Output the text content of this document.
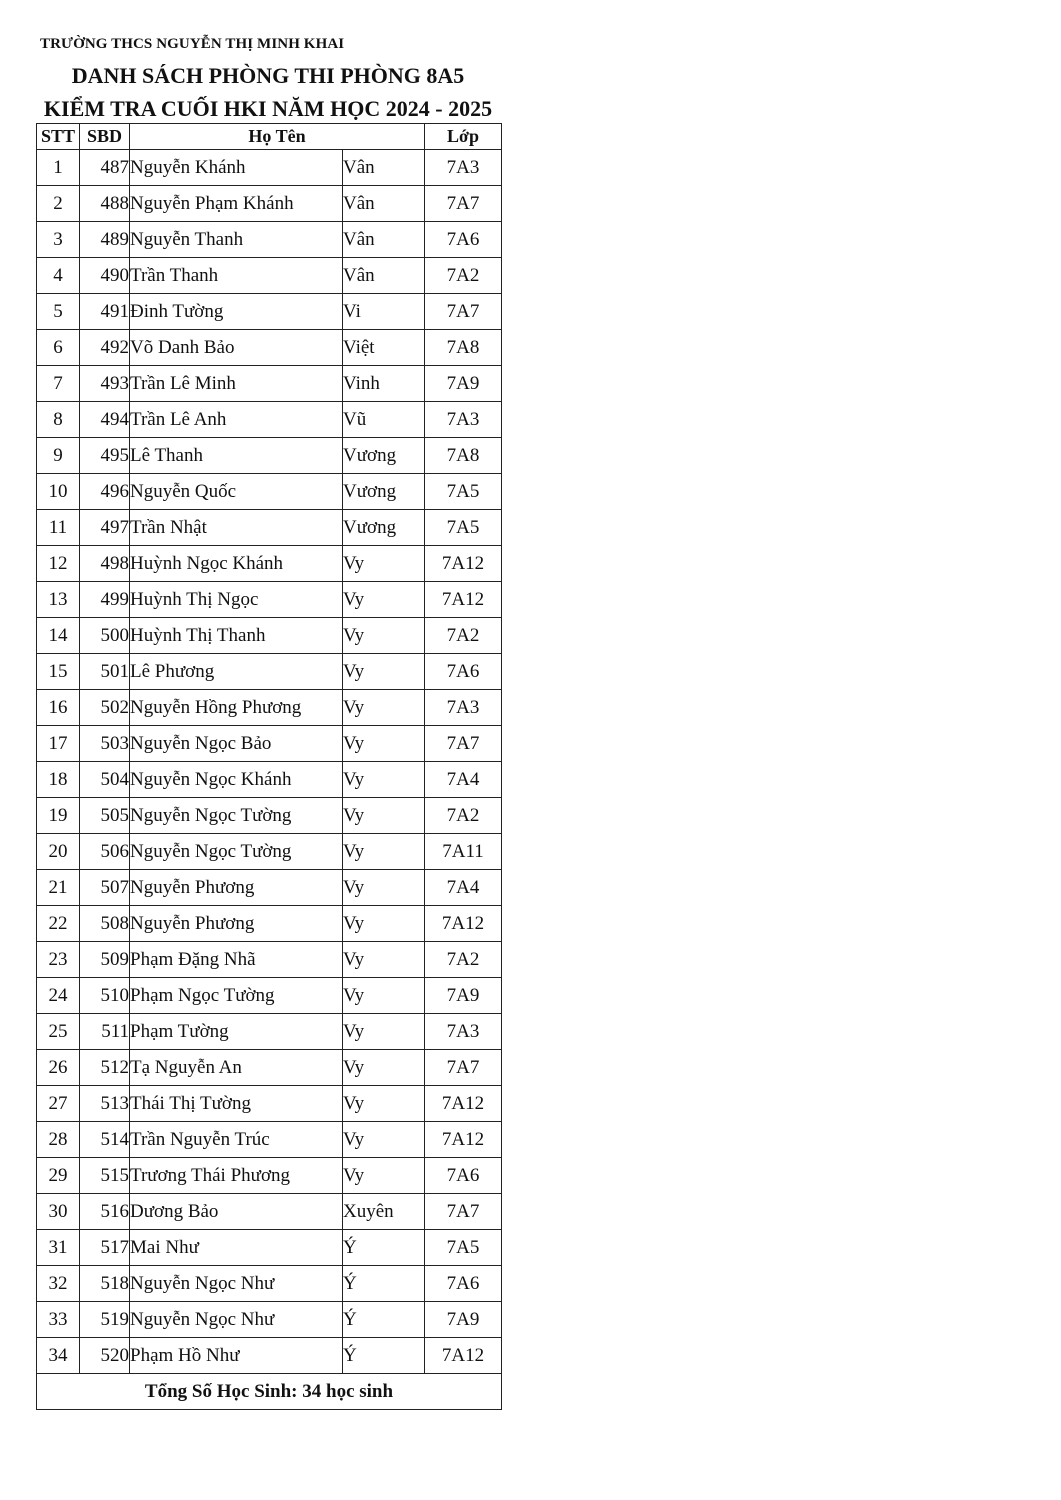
TRƯỜNG THCS NGUYỄN THỊ MINH KHAI
DANH SÁCH PHÒNG THI PHÒNG 8A5
KIỂM TRA CUỐI HKI NĂM HỌC 2024 - 2025
STT	SBD	Họ Tên		Lớp
1	487	Nguyễn Khánh	Vân	7A3
2	488	Nguyễn Phạm Khánh	Vân	7A7
3	489	Nguyễn Thanh	Vân	7A6
4	490	Trần Thanh	Vân	7A2
5	491	Đinh Tường	Vi	7A7
6	492	Võ Danh Bảo	Việt	7A8
7	493	Trần Lê Minh	Vinh	7A9
8	494	Trần Lê Anh	Vũ	7A3
9	495	Lê Thanh	Vương	7A8
10	496	Nguyễn Quốc	Vương	7A5
11	497	Trần Nhật	Vương	7A5
12	498	Huỳnh Ngọc Khánh	Vy	7A12
13	499	Huỳnh Thị Ngọc	Vy	7A12
14	500	Huỳnh Thị Thanh	Vy	7A2
15	501	Lê Phương	Vy	7A6
16	502	Nguyễn Hồng Phương	Vy	7A3
17	503	Nguyễn Ngọc Bảo	Vy	7A7
18	504	Nguyễn Ngọc Khánh	Vy	7A4
19	505	Nguyễn Ngọc Tường	Vy	7A2
20	506	Nguyễn Ngọc Tường	Vy	7A11
21	507	Nguyễn Phương	Vy	7A4
22	508	Nguyễn Phương	Vy	7A12
23	509	Phạm Đặng Nhã	Vy	7A2
24	510	Phạm Ngọc Tường	Vy	7A9
25	511	Phạm Tường	Vy	7A3
26	512	Tạ Nguyễn An	Vy	7A7
27	513	Thái Thị Tường	Vy	7A12
28	514	Trần Nguyễn Trúc	Vy	7A12
29	515	Trương Thái Phương	Vy	7A6
30	516	Dương Bảo	Xuyên	7A7
31	517	Mai Như	Ý	7A5
32	518	Nguyễn Ngọc Như	Ý	7A6
33	519	Nguyễn Ngọc Như	Ý	7A9
34	520	Phạm Hồ Như	Ý	7A12
Tổng Số Học Sinh: 34 học sinh				
